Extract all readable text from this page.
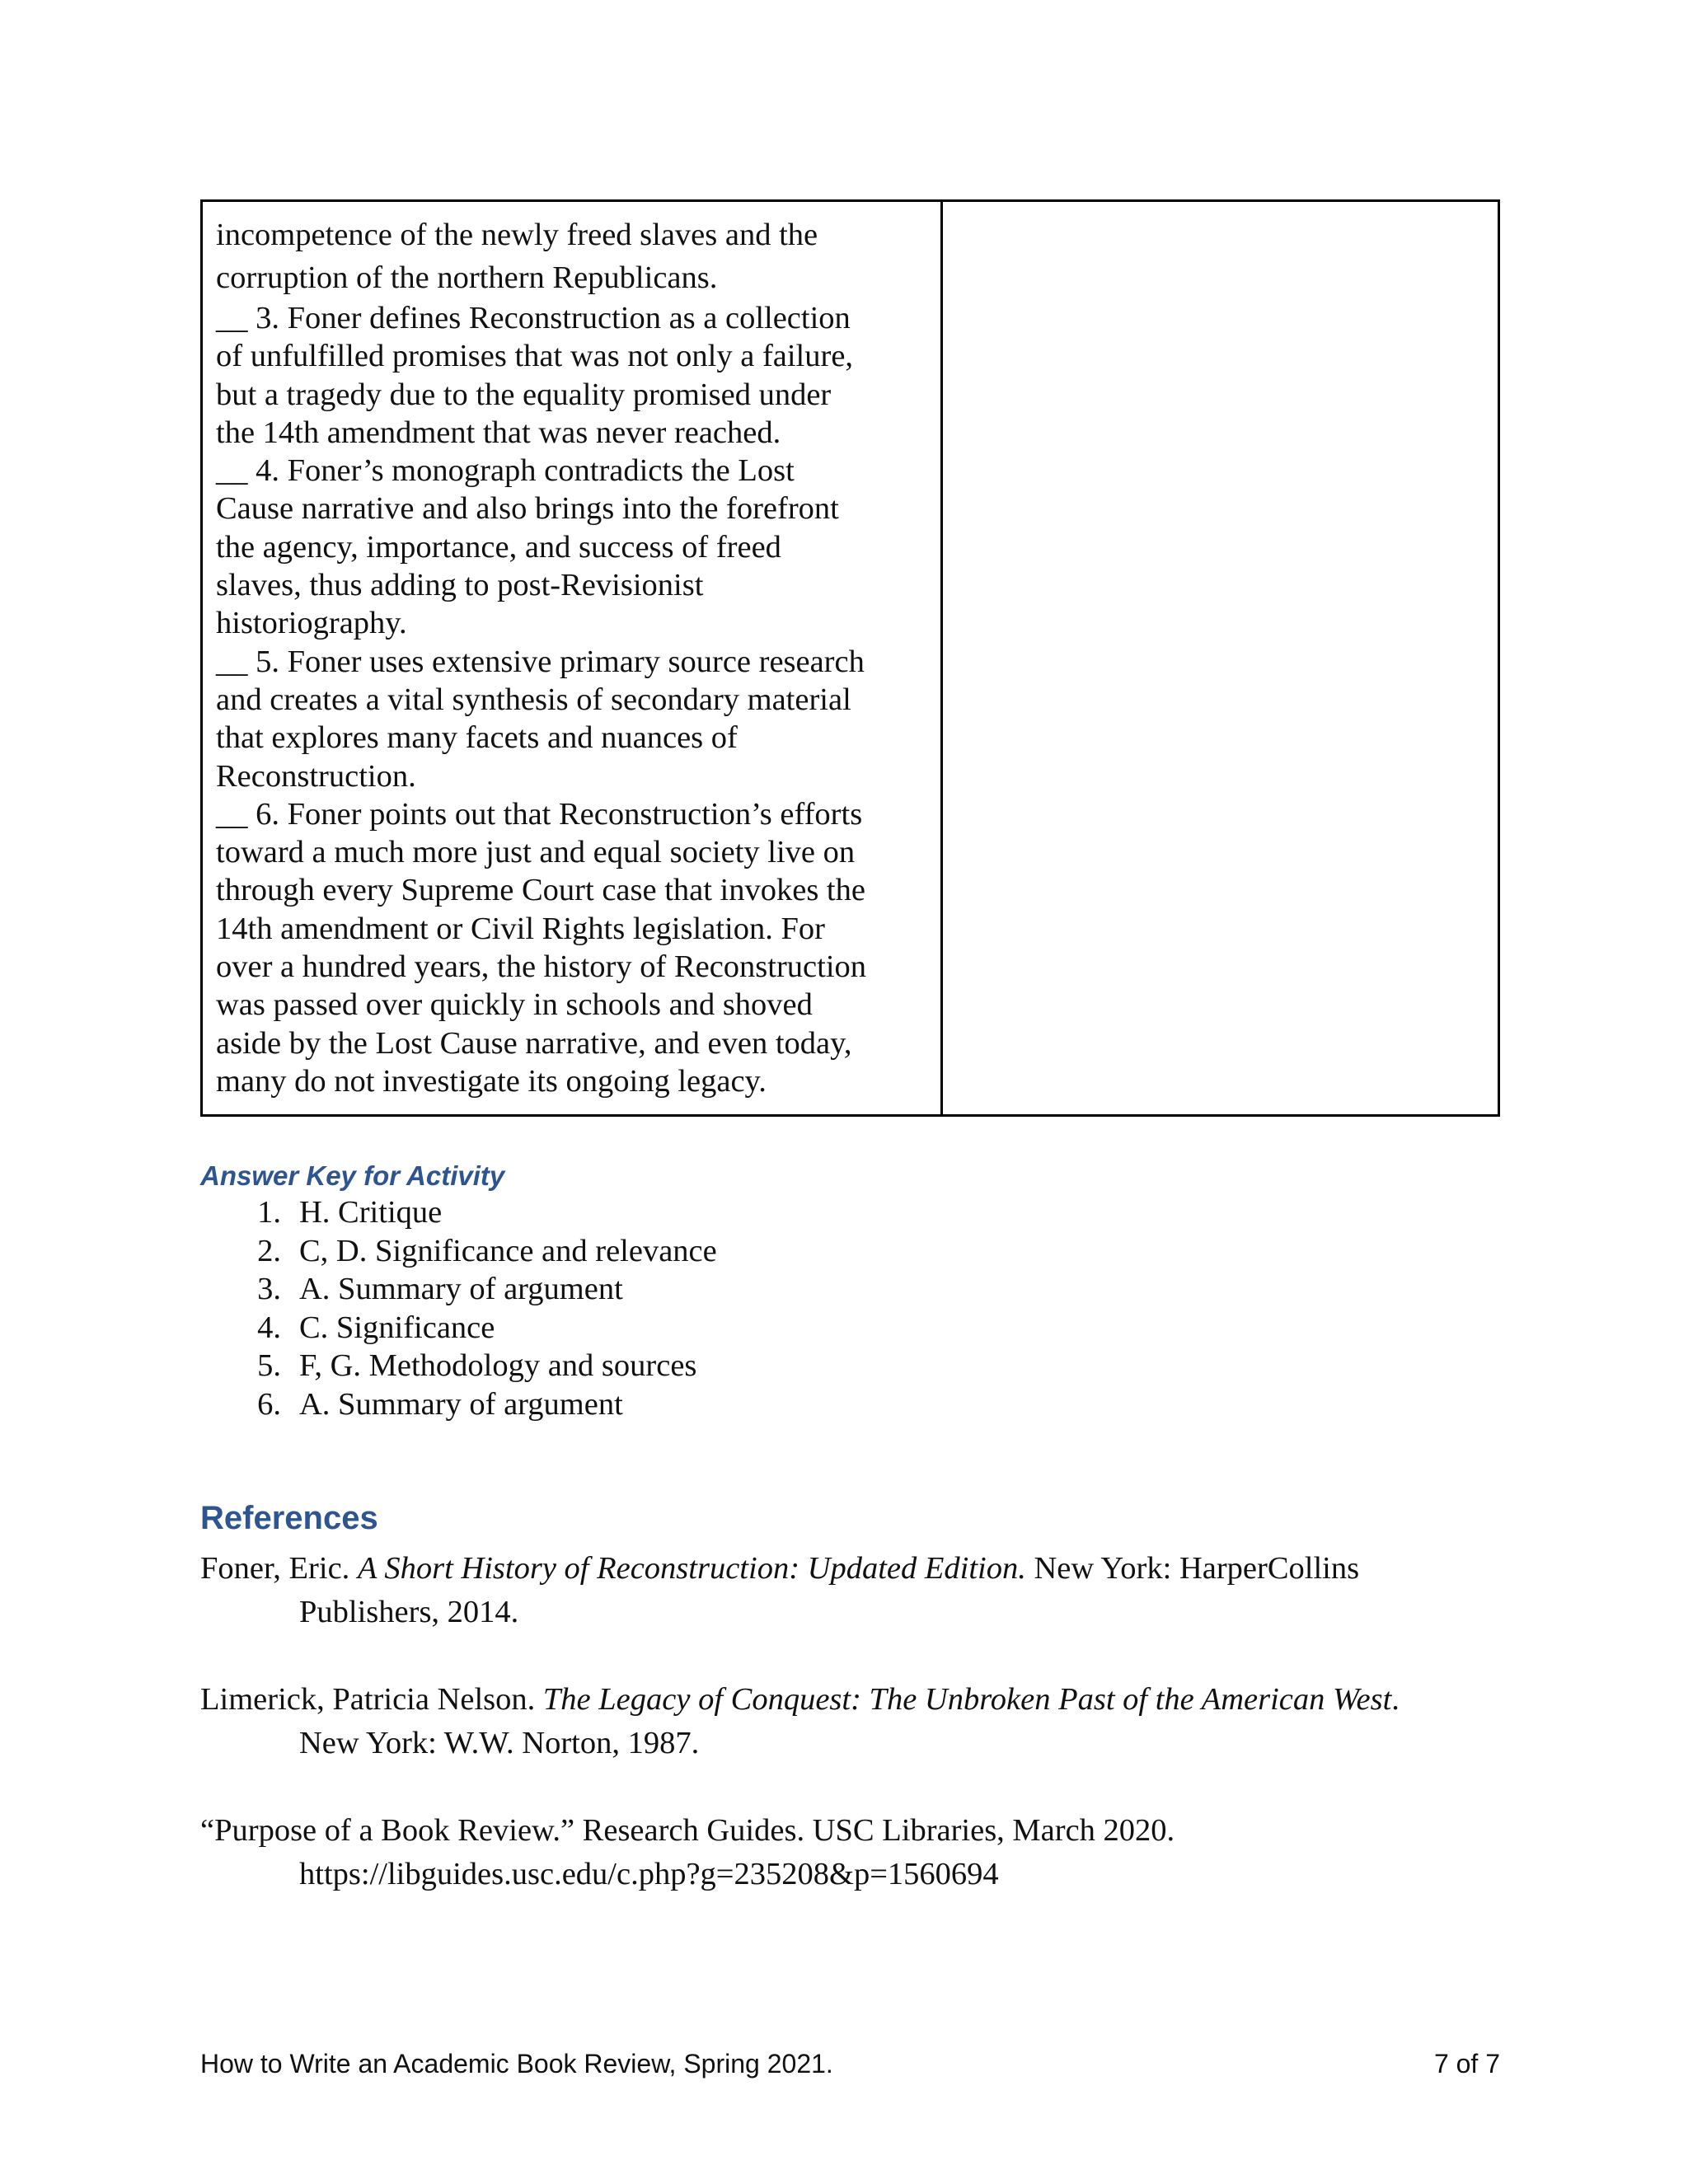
incompetence of the newly freed slaves and the
corruption of the northern Republicans.
__ 3. Foner defines Reconstruction as a collection
of unfulfilled promises that was not only a failure,
but a tragedy due to the equality promised under
the 14th amendment that was never reached.
__ 4. Foner’s monograph contradicts the Lost
Cause narrative and also brings into the forefront
the agency, importance, and success of freed
slaves, thus adding to post-Revisionist
historiography.
__ 5. Foner uses extensive primary source research
and creates a vital synthesis of secondary material
that explores many facets and nuances of
Reconstruction.
__ 6. Foner points out that Reconstruction’s efforts
toward a much more just and equal society live on
through every Supreme Court case that invokes the
14th amendment or Civil Rights legislation. For
over a hundred years, the history of Reconstruction
was passed over quickly in schools and shoved
aside by the Lost Cause narrative, and even today,
many do not investigate its ongoing legacy.

Answer Key for Activity
1. H. Critique
2. C, D. Significance and relevance
3. A. Summary of argument
4. C. Significance
5. F, G. Methodology and sources
6. A. Summary of argument
References

Foner, Eric. A Short History of Reconstruction: Updated Edition. New York: HarperCollins
Publishers, 2014.

Limerick, Patricia Nelson. The Legacy of Conquest: The Unbroken Past of the American West.
New York: W.W. Norton, 1987.

“Purpose of a Book Review.” Research Guides. USC Libraries, March 2020.
https://libguides.usc.edu/c.php?g=235208&p=1560694

How to Write an Academic Book Review, Spring 2021.	7 of 7
